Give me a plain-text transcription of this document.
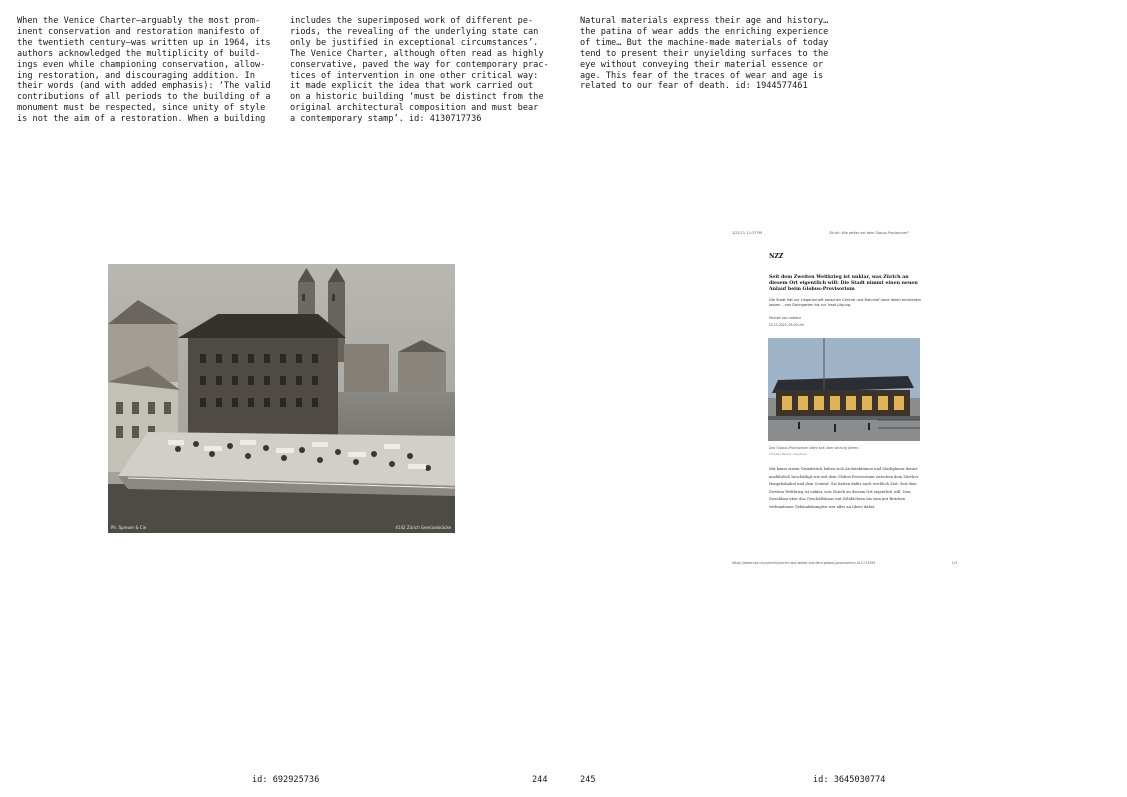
When the Venice Charter—arguably the most prom-
inent conservation and restoration manifesto of
the twentieth century—was written up in 1964, its
authors acknowledged the multiplicity of build-
ings even while championing conservation, allow-
ing restoration, and discouraging addition. In
their words (and with added emphasis): ‘The valid
contributions of all periods to the building of a
monument must be respected, since unity of style
is not the aim of a restoration. When a building
includes the superimposed work of different pe-
riods, the revealing of the underlying state can
only be justified in exceptional circumstances’.
The Venice Charter, although often read as highly
conservative, paved the way for contemporary prac-
tices of intervention in one other critical way:
it made explicit the idea that work carried out
on a historic building ‘must be distinct from the
original architectural composition and must bear
a contemporary stamp’. id: 4130717736
Natural materials express their age and history…
the patina of wear adds the enriching experience
of time… But the machine-made materials of today
tend to present their unyielding surfaces to the
eye without conveying their material essence or
age. This fear of the traces of wear and age is
related to our fear of death. id: 1944577461
Ph. Spreuer & Cie	4142 Zürich Gemüsebrücke
2/22/23, 11:37 PM	Zürich: Wie weiter mit dem Globus-Provisorium?
NZZ
Seit dem Zweiten Weltkrieg ist unklar, was Zürich an diesem Ort eigentlich will: Die Stadt nimmt einen neuen Anlauf beim Globus-Provisorium
Die Stadt hat zur Liegenschaft zwischen Central und Bahnhof neue Ideen entwickeln lassen – von Dachgarten bis zur Insel-Lösung.
Michael von Ledebur
22.11.2022, 05.00 Uhr
Das Globus-Provisorium steht seit über sechzig Jahren.
Christian Beutler / Keystone
Mit kaum einem Grundstück haben sich Architektinnen und Stadtplaner derart ausführlich beschäftigt wie mit dem Globus-Provisorium zwischen dem Zürcher Hauptbahnhof und dem Central. Sie hatten dafür auch reichlich Zeit: Seit dem Zweiten Weltkrieg ist unklar, was Zürich an diesem Ort eigentlich will. Vom Zweckbau über das Geschäftshaus mit Zeltdächern bis zum mit Brücken verbundenen Gebäudekomplex war alles an Ideen dabei.
https://www.nzz.ch/zuerich/zuerich-wie-weiter-mit-dem-globus-provisorium-ld.1713459	1/3
id: 692925736	244	245	id: 3645030774
